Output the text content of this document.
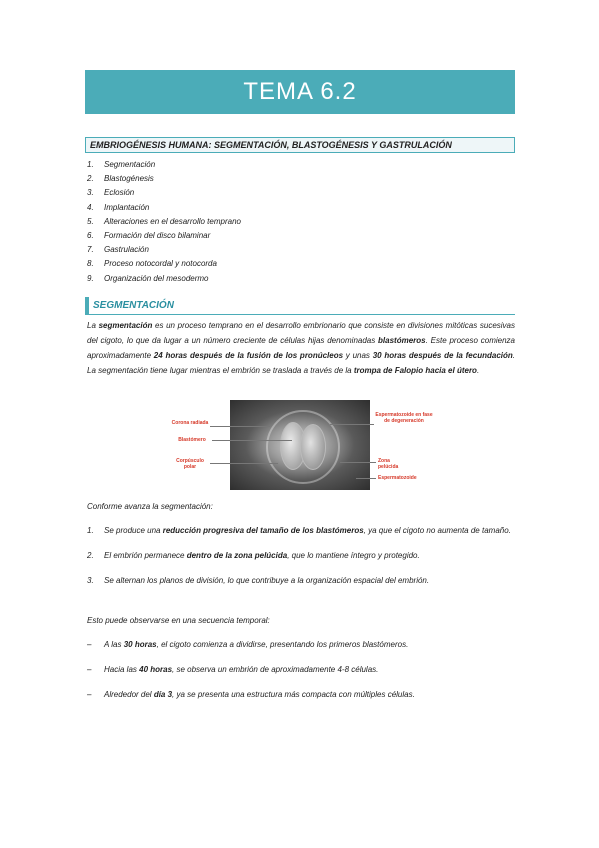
TEMA 6.2
EMBRIOGÉNESIS HUMANA: SEGMENTACIÓN, BLASTOGÉNESIS Y GASTRULACIÓN
1.	Segmentación
2.	Blastogénesis
3.	Eclosión
4.	Implantación
5.	Alteraciones en el desarrollo temprano
6.	Formación del disco bilaminar
7.	Gastrulación
8.	Proceso notocordal y notocorda
9.	Organización del mesodermo
SEGMENTACIÓN

La segmentación es un proceso temprano en el desarrollo embrionario que consiste en divisiones mitóticas sucesivas del cigoto, lo que da lugar a un número creciente de células hijas denominadas blastómeros. Este proceso comienza aproximadamente 24 horas después de la fusión de los pronúcleos y unas 30 horas después de la fecundación. La segmentación tiene lugar mientras el embrión se traslada a través de la trompa de Falopio hacia el útero.

Corona radiada
Blastómero
Corpúsculo polar
Espermatozoide en fase de degeneración
Zona pelúcida
Espermatozoide

Conforme avanza la segmentación:

1.	Se produce una reducción progresiva del tamaño de los blastómeros, ya que el cigoto no aumenta de tamaño.
2.	El embrión permanece dentro de la zona pelúcida, que lo mantiene íntegro y protegido.
3.	Se alternan los planos de división, lo que contribuye a la organización espacial del embrión.

Esto puede observarse en una secuencia temporal:

–	A las 30 horas, el cigoto comienza a dividirse, presentando los primeros blastómeros.
–	Hacia las 40 horas, se observa un embrión de aproximadamente 4-8 células.
–	Alrededor del día 3, ya se presenta una estructura más compacta con múltiples células.
